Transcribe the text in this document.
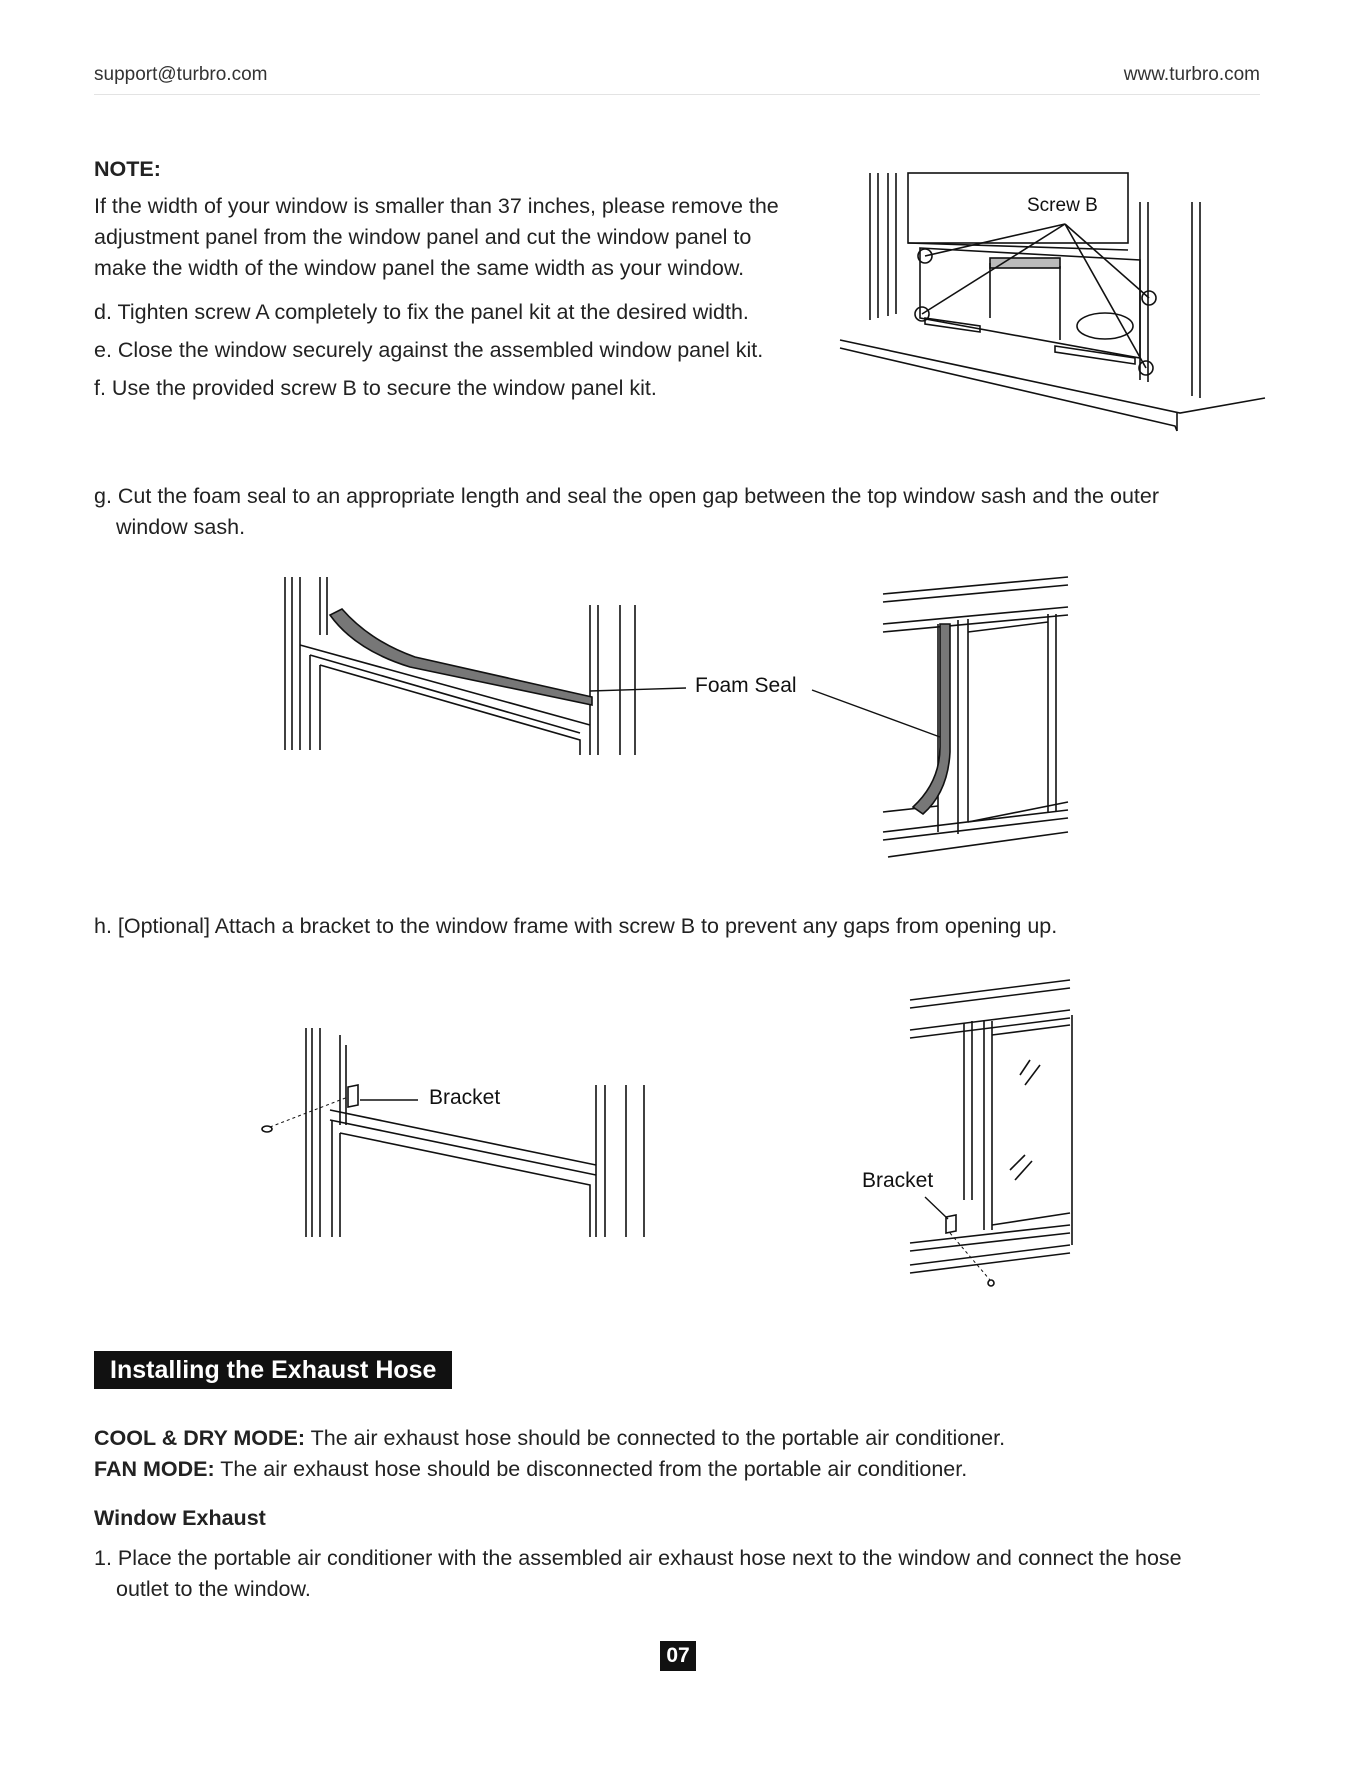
support@turbro.com	www.turbro.com
NOTE:
If the width of your window is smaller than 37 inches, please remove the
adjustment panel from the window panel and cut the window panel to
make the width of the window panel the same width as your window.
d. Tighten screw A completely to fix the panel kit at the desired width.
e. Close the window securely against the assembled window panel kit.
f. Use the provided screw B to secure the window panel kit.
Screw B
g. Cut the foam seal to an appropriate length and seal the open gap between the top window sash and the outer
window sash.
Foam Seal
h. [Optional] Attach a bracket to the window frame with screw B to prevent any gaps from opening up.
Bracket
Bracket
Installing the Exhaust Hose
COOL & DRY MODE: The air exhaust hose should be connected to the portable air conditioner.
FAN MODE: The air exhaust hose should be disconnected from the portable air conditioner.
Window Exhaust
1. Place the portable air conditioner with the assembled air exhaust hose next to the window and connect the hose
outlet to the window.
07
